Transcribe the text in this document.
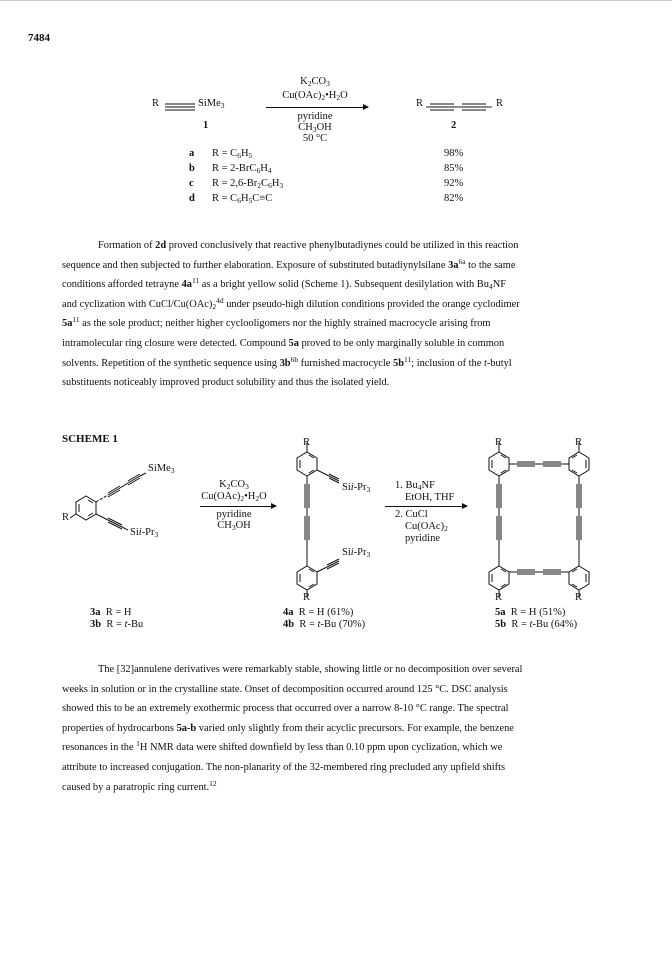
7484
R	SiMe$_3$
$K_2CO_3$
$Cu(OAc)_2•H_2O$
pyridine
$CH_3OH$
50 °C
R	R
1	2
a $R = C_6H_5$	98%
b $R = 2-BrC_6H_4$	85%
c $R = 2,6-Br_2C_6H_3$	92%
d $R = C_6H_5C\equiv C$	82%
Formation of 2d proved conclusively that reactive phenylbutadiynes could be utilized in this reaction
sequence and then subjected to further elaboration. Exposure of substituted butadiynylsilane $3a^{6a}$ to the same
conditions afforded tetrayne $4a^{11}$ as a bright yellow solid (Scheme 1). Subsequent desilylation with $Bu_4NF$
and cyclization with CuCl/$Cu(OAc)_2^{4d}$ under pseudo-high dilution conditions provided the orange cyclodimer
$5a^{11}$ as the sole product; neither higher cyclooligomers nor the highly strained macrocycle arising from
intramolecular ring closure were detected. Compound 5a proved to be only marginally soluble in common
solvents. Repetition of the synthetic sequence using $3b^{6b}$ furnished macrocycle $5b^{11}$; inclusion of the t-butyl
substituents noticeably improved product solubility and thus the isolated yield.
SCHEME 1
SiMe$_3$
R
Sii-$Pr_3$
$K_2CO_3$
$Cu(OAc)_2•H_2O$
pyridine
$CH_3OH$
R
Sii-$Pr_3$
Sii-$Pr_3$
R
1. $Bu_4NF$
EtOH, THF
2. CuCl
$Cu(OAc)_2$
pyridine
R	R
R	R
3a R = H
3b R = t-Bu
4a R = H (61%)
4b R = t-Bu (70%)
5a R = H (51%)
5b R = t-Bu (64%)
The [32]annulene derivatives were remarkably stable, showing little or no decomposition over several
weeks in solution or in the crystalline state. Onset of decomposition occurred around 125 °C. DSC analysis
showed this to be an extremely exothermic process that occurred over a narrow 8-10 °C range. The spectral
properties of hydrocarbons 5a-b varied only slightly from their acyclic precursors. For example, the benzene
resonances in the $^1$H NMR data were shifted downfield by less than 0.10 ppm upon cyclization, which we
attribute to increased conjugation. The non-planarity of the 32-membered ring precluded any upfield shifts
caused by a paratropic ring current.$^{12}$
